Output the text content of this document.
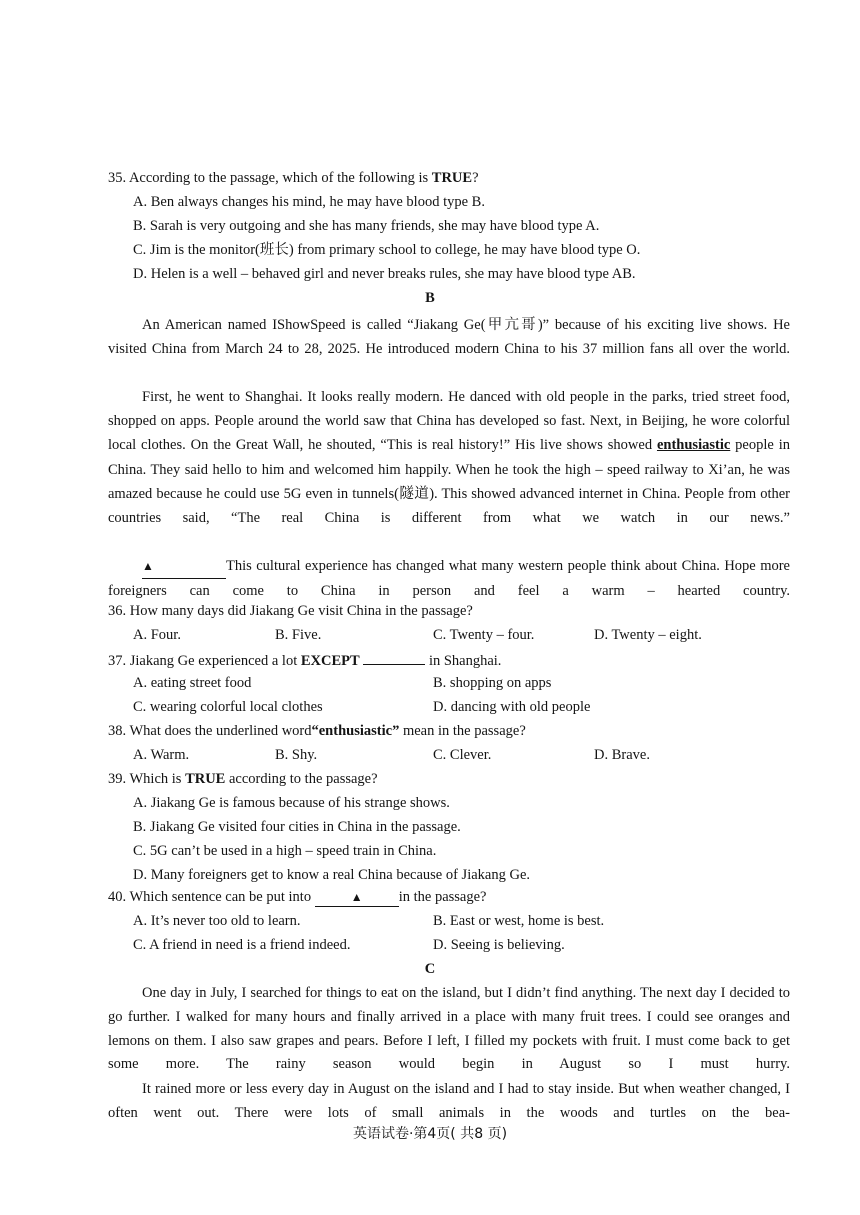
35. According to the passage, which of the following is TRUE?
A. Ben always changes his mind, he may have blood type B.
B. Sarah is very outgoing and she has many friends, she may have blood type A.
C. Jim is the monitor(班长) from primary school to college, he may have blood type O.
D. Helen is a well – behaved girl and never breaks rules, she may have blood type AB.
B
An American named IShowSpeed is called “Jiakang Ge(甲亢哥)” because of his exciting live shows. He visited China from March 24 to 28, 2025. He introduced modern China to his 37 million fans all over the world.
First, he went to Shanghai. It looks really modern. He danced with old people in the parks, tried street food, shopped on apps. People around the world saw that China has developed so fast. Next, in Beijing, he wore colorful local clothes. On the Great Wall, he shouted, “This is real history!” His live shows showed enthusiastic people in China. They said hello to him and welcomed him happily. When he took the high – speed railway to Xi’an, he was amazed because he could use 5G even in tunnels(隧道). This showed advanced internet in China. People from other countries said, “The real China is different from what we watch in our news.”
▲	This cultural experience has changed what many western people think about China. Hope more foreigners can come to China in person and feel a warm – hearted country.
36. How many days did Jiakang Ge visit China in the passage?
A. Four.	B. Five.	C. Twenty – four.	D. Twenty – eight.
37. Jiakang Ge experienced a lot EXCEPT	in Shanghai.
A. eating street food	B. shopping on apps
C. wearing colorful local clothes	D. dancing with old people
38. What does the underlined word“enthusiastic” mean in the passage?
A. Warm.	B. Shy.	C. Clever.	D. Brave.
39. Which is TRUE according to the passage?
A. Jiakang Ge is famous because of his strange shows.
B. Jiakang Ge visited four cities in China in the passage.
C. 5G can’t be used in a high – speed train in China.
D. Many foreigners get to know a real China because of Jiakang Ge.
40. Which sentence can be put into	▲ in the passage?
A. It’s never too old to learn.	B. East or west, home is best.
C. A friend in need is a friend indeed.	D. Seeing is believing.
C
One day in July, I searched for things to eat on the island, but I didn’t find anything. The next day I decided to go further. I walked for many hours and finally arrived in a place with many fruit trees. I could see oranges and lemons on them. I also saw grapes and pears. Before I left, I filled my pockets with fruit. I must come back to get some more. The rainy season would begin in August so I must hurry.
It rained more or less every day in August on the island and I had to stay inside. But when weather changed, I often went out. There were lots of small animals in the woods and turtles on the bea-
英语试卷·第4页( 共8 页)
